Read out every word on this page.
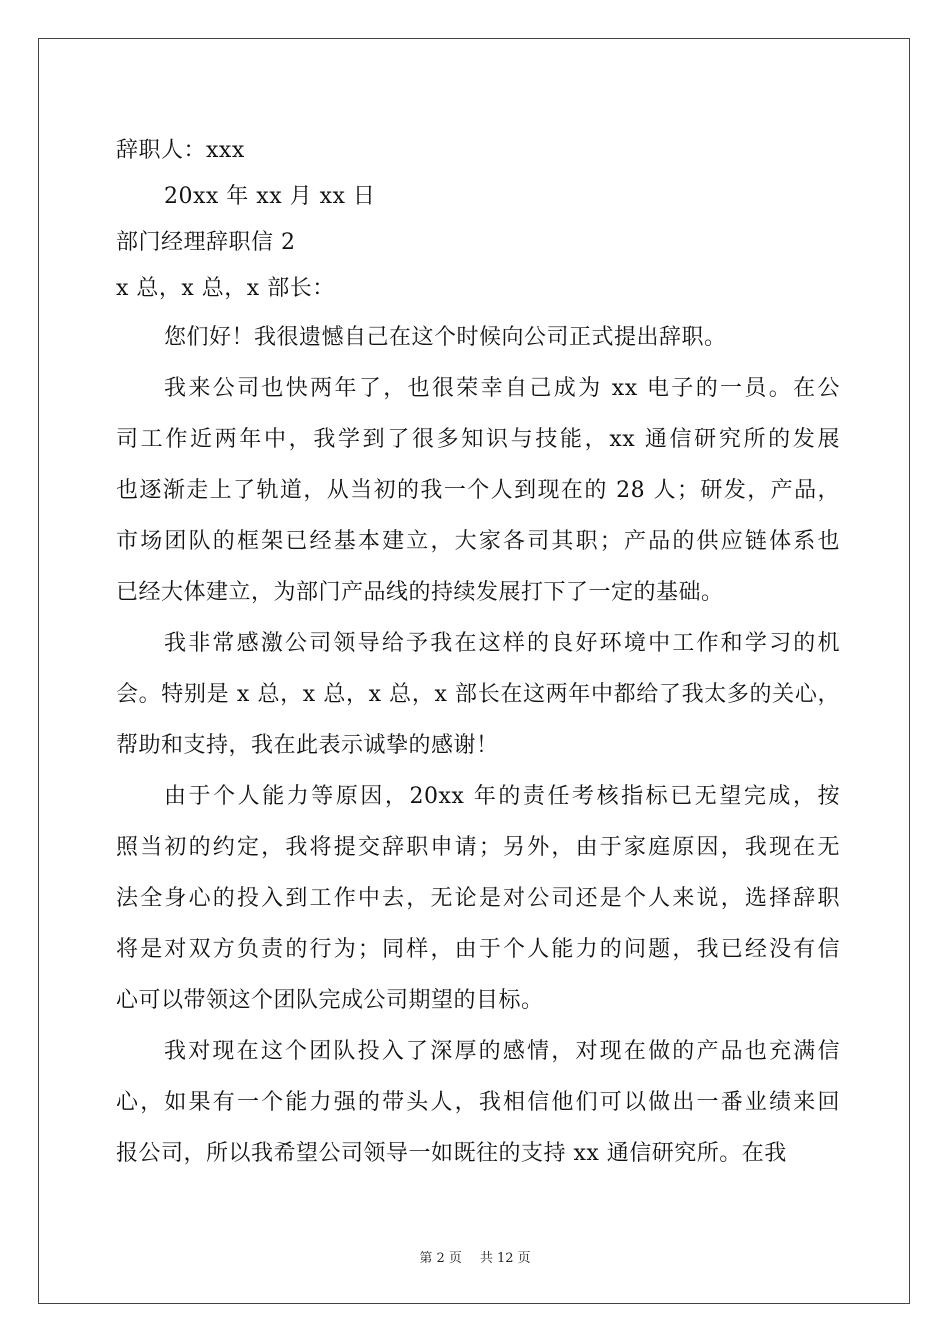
辞职人：xxx
20xx 年 xx 月 xx 日
部门经理辞职信 2
x 总，x 总，x 部长：
您们好！我很遗憾自己在这个时候向公司正式提出辞职。
我来公司也快两年了，也很荣幸自己成为 xx 电子的一员。在公
司工作近两年中，我学到了很多知识与技能，xx 通信研究所的发展
也逐渐走上了轨道，从当初的我一个人到现在的 28 人；研发，产品，
市场团队的框架已经基本建立，大家各司其职；产品的供应链体系也
已经大体建立，为部门产品线的持续发展打下了一定的基础。
我非常感激公司领导给予我在这样的良好环境中工作和学习的机
会。特别是 x 总，x 总，x 总，x 部长在这两年中都给了我太多的关心，
帮助和支持，我在此表示诚挚的感谢！
由于个人能力等原因，20xx 年的责任考核指标已无望完成，按
照当初的约定，我将提交辞职申请；另外，由于家庭原因，我现在无
法全身心的投入到工作中去，无论是对公司还是个人来说，选择辞职
将是对双方负责的行为；同样，由于个人能力的问题，我已经没有信
心可以带领这个团队完成公司期望的目标。
我对现在这个团队投入了深厚的感情，对现在做的产品也充满信
心，如果有一个能力强的带头人，我相信他们可以做出一番业绩来回
报公司，所以我希望公司领导一如既往的支持 xx 通信研究所。在我
第 2 页 共 12 页
